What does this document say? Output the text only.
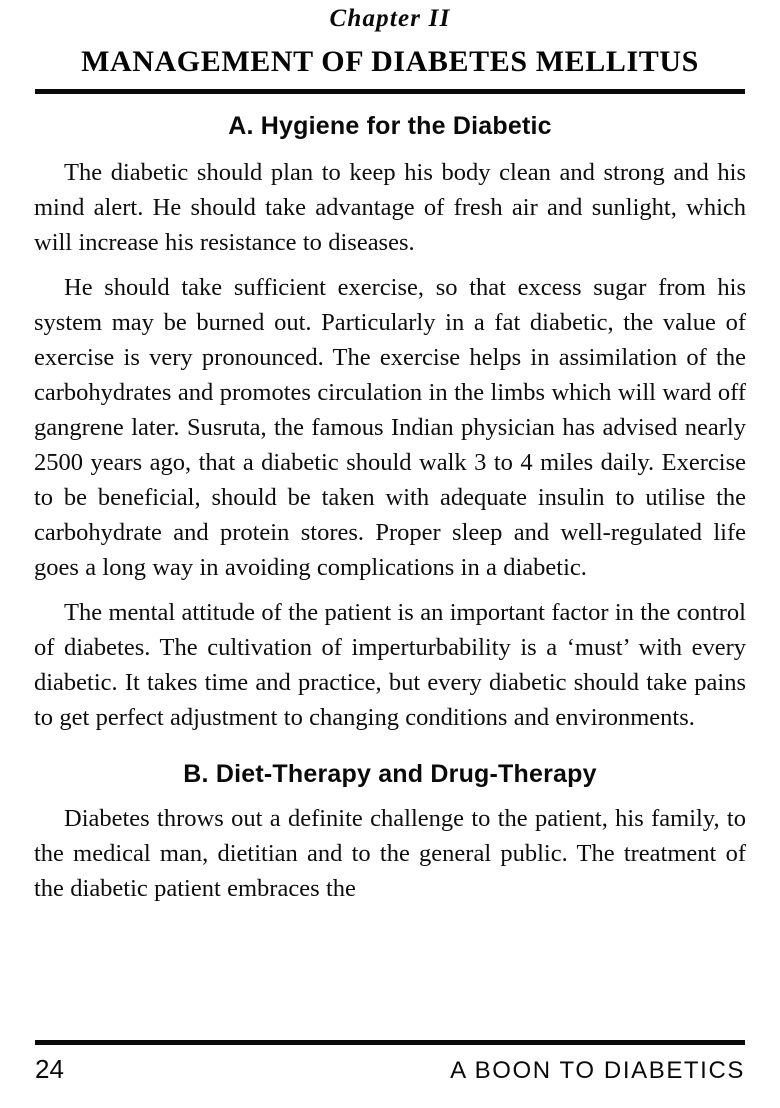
Chapter II
MANAGEMENT OF DIABETES MELLITUS
A. Hygiene for the Diabetic

The diabetic should plan to keep his body clean and strong and his mind alert. He should take advantage of fresh air and sunlight, which will increase his resistance to diseases.

He should take sufficient exercise, so that excess sugar from his system may be burned out. Particularly in a fat diabetic, the value of exercise is very pronounced. The exercise helps in assimilation of the carbohydrates and promotes circulation in the limbs which will ward off gangrene later. Susruta, the famous Indian physician has advised nearly 2500 years ago, that a diabetic should walk 3 to 4 miles daily. Exercise to be beneficial, should be taken with adequate insulin to utilise the carbohydrate and protein stores. Proper sleep and well-regulated life goes a long way in avoiding complications in a diabetic.

The mental attitude of the patient is an important factor in the control of diabetes. The cultivation of imperturbability is a ‘must’ with every diabetic. It takes time and practice, but every diabetic should take pains to get perfect adjustment to changing conditions and environments.

B. Diet-Therapy and Drug-Therapy

Diabetes throws out a definite challenge to the patient, his family, to the medical man, dietitian and to the general public. The treatment of the diabetic patient embraces the

24	A BOON TO DIABETICS
